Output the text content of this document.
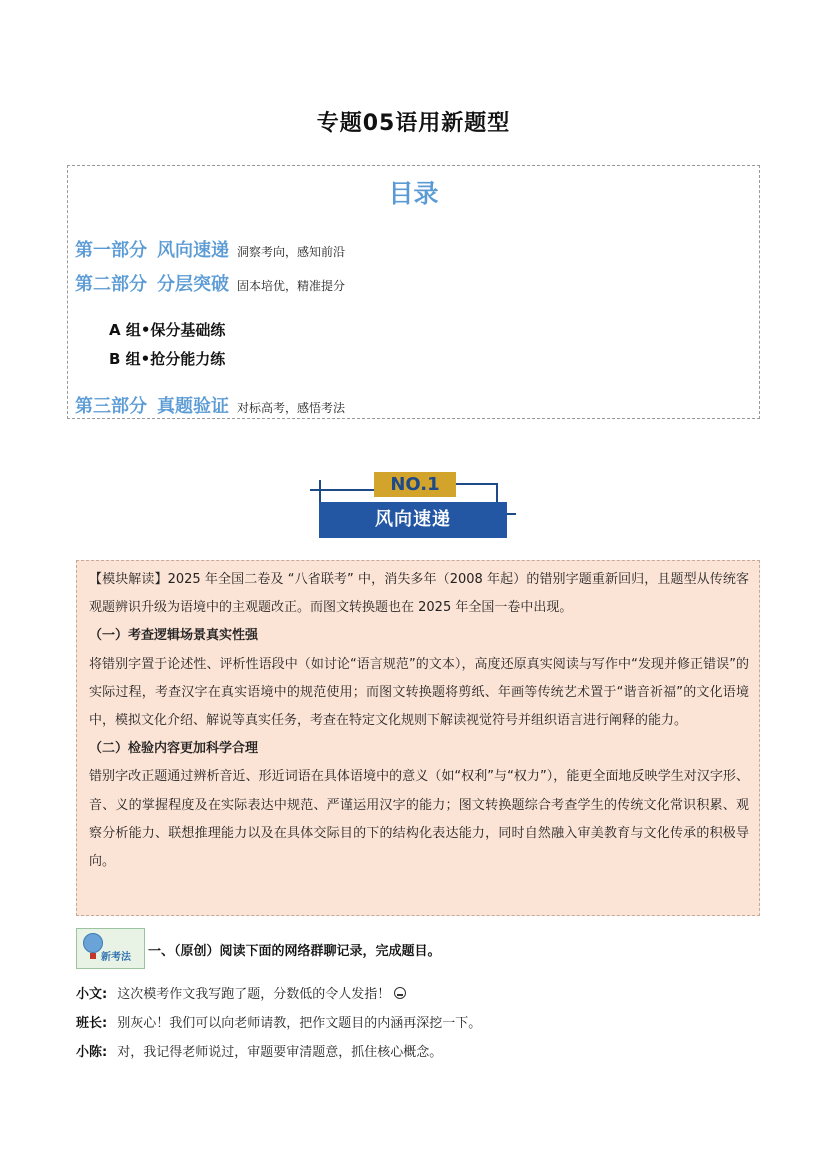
专题05语用新题型
目录
第一部分 风向速递 洞察考向，感知前沿
第二部分 分层突破 固本培优，精准提分
A 组•保分基础练
B 组•抢分能力练
第三部分 真题验证 对标高考，感悟考法
NO.1
风向速递

【模块解读】2025 年全国二卷及 “八省联考” 中，消失多年（2008 年起）的错别字题重新回归，且题型从传统客观题辨识升级为语境中的主观题改正。而图文转换题也在 2025 年全国一卷中出现。

（一）考查逻辑场景真实性强

将错别字置于论述性、评析性语段中（如讨论“语言规范”的文本），高度还原真实阅读与写作中“发现并修正错误”的实际过程，考查汉字在真实语境中的规范使用；而图文转换题将剪纸、年画等传统艺术置于“谐音祈福”的文化语境中，模拟文化介绍、解说等真实任务，考查在特定文化规则下解读视觉符号并组织语言进行阐释的能力。

（二）检验内容更加科学合理

错别字改正题通过辨析音近、形近词语在具体语境中的意义（如“权利”与“权力”），能更全面地反映学生对汉字形、音、义的掌握程度及在实际表达中规范、严谨运用汉字的能力；图文转换题综合考查学生的传统文化常识积累、观察分析能力、联想推理能力以及在具体交际目的下的结构化表达能力，同时自然融入审美教育与文化传承的积极导向。

新考法 一、（原创）阅读下面的网络群聊记录，完成题目。
小文: 这次模考作文我写跑了题，分数低的令人发指！
班长: 别灰心！我们可以向老师请教，把作文题目的内涵再深挖一下。
小陈: 对，我记得老师说过，审题要审清题意，抓住核心概念。
